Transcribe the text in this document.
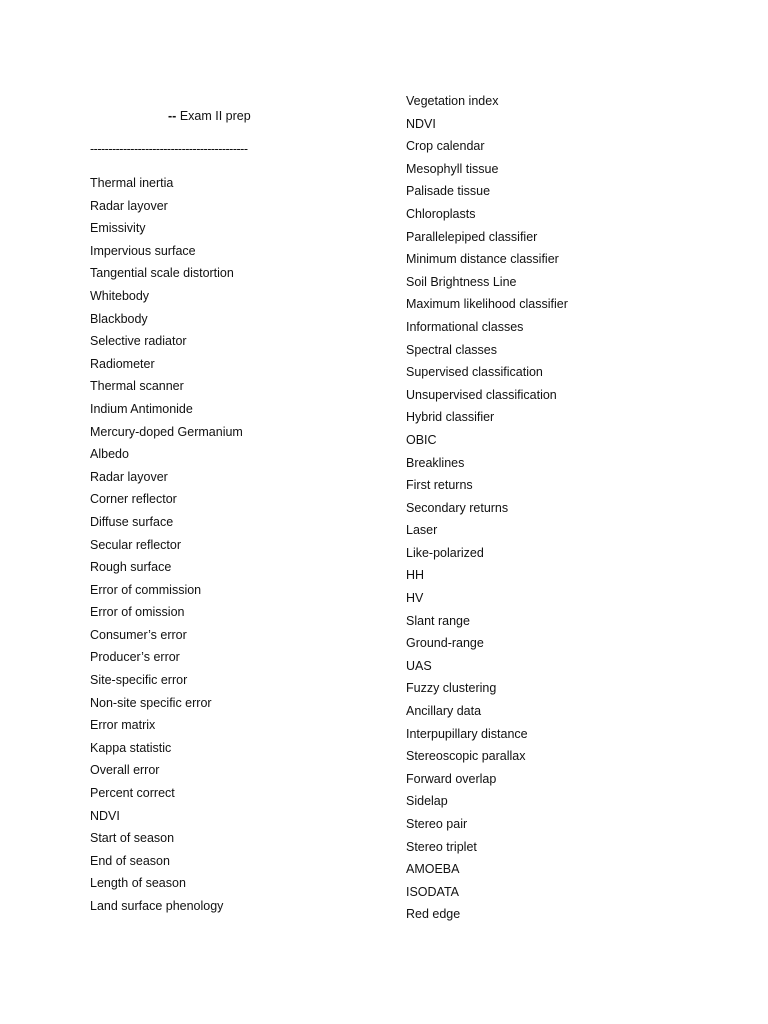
-- Exam II prep
-------------------------------------------
Thermal inertia
Radar layover
Emissivity
Impervious surface
Tangential scale distortion
Whitebody
Blackbody
Selective radiator
Radiometer
Thermal scanner
Indium Antimonide
Mercury-doped Germanium
Albedo
Radar layover
Corner reflector
Diffuse surface
Secular reflector
Rough surface
Error of commission
Error of omission
Consumer’s error
Producer’s error
Site-specific error
Non-site specific error
Error matrix
Kappa statistic
Overall error
Percent correct
NDVI
Start of season
End of season
Length of season
Land surface phenology
Vegetation index
NDVI
Crop calendar
Mesophyll tissue
Palisade tissue
Chloroplasts
Parallelepiped classifier
Minimum distance classifier
Soil Brightness Line
Maximum likelihood classifier
Informational classes
Spectral classes
Supervised classification
Unsupervised classification
Hybrid classifier
OBIC
Breaklines
First returns
Secondary returns
Laser
Like-polarized
HH
HV
Slant range
Ground-range
UAS
Fuzzy clustering
Ancillary data
Interpupillary distance
Stereoscopic parallax
Forward overlap
Sidelap
Stereo pair
Stereo triplet
AMOEBA
ISODATA
Red edge
